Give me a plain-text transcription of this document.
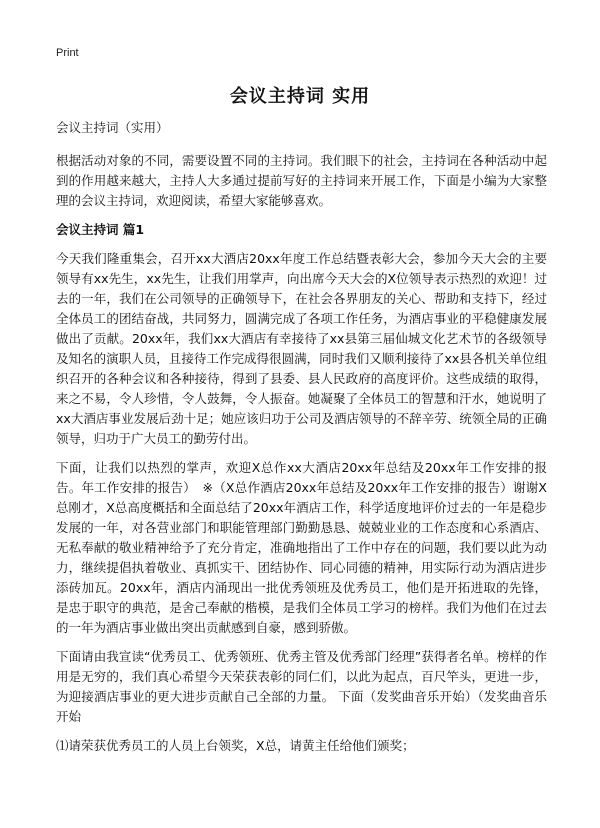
Print
会议主持词 实用
会议主持词（实用）

根据活动对象的不同，需要设置不同的主持词。我们眼下的社会，主持词在各种活动中起到的作用越来越大，主持人大多通过提前写好的主持词来开展工作，下面是小编为大家整理的会议主持词，欢迎阅读，希望大家能够喜欢。

会议主持词 篇1

今天我们隆重集会，召开xx大酒店20xx年度工作总结暨表彰大会，参加今天大会的主要领导有xx先生，xx先生，让我们用掌声，向出席今天大会的X位领导表示热烈的欢迎！过去的一年，我们在公司领导的正确领导下，在社会各界朋友的关心、帮助和支持下，经过全体员工的团结奋战，共同努力，圆满完成了各项工作任务，为酒店事业的平稳健康发展做出了贡献。20xx年，我们xx大酒店有幸接待了xx县第三届仙城文化艺术节的各级领导及知名的演职人员，且接待工作完成得很圆满，同时我们又顺利接待了xx县各机关单位组织召开的各种会议和各种接待，得到了县委、县人民政府的高度评价。这些成绩的取得，来之不易，令人珍惜，令人鼓舞，令人振奋。她凝聚了全体员工的智慧和汗水，她说明了xx大酒店事业发展后劲十足；她应该归功于公司及酒店领导的不辞辛劳、统领全局的正确领导，归功于广大员工的勤劳付出。

下面，让我们以热烈的掌声，欢迎X总作xx大酒店20xx年总结及20xx年工作安排的报告。年工作安排的报告）　※（X总作酒店20xx年总结及20xx年工作安排的报告）谢谢X总刚才，X总高度概括和全面总结了20xx年酒店工作，科学适度地评价过去的一年是稳步发展的一年，对各营业部门和职能管理部门勤勤恳恳、兢兢业业的工作态度和心系酒店、无私奉献的敬业精神给予了充分肯定，准确地指出了工作中存在的问题，我们要以此为动力，继续提倡执着敬业、真抓实干、团结协作、同心同德的精神，用实际行动为酒店进步添砖加瓦。20xx年，酒店内涌现出一批优秀领班及优秀员工，他们是开拓进取的先锋，是忠于职守的典范，是舍己奉献的楷模，是我们全体员工学习的榜样。我们为他们在过去的一年为酒店事业做出突出贡献感到自豪，感到骄傲。

下面请由我宣读“优秀员工、优秀领班、优秀主管及优秀部门经理”获得者名单。榜样的作用是无穷的，我们真心希望今天荣获表彰的同仁们，以此为起点，百尺竿头，更进一步，为迎接酒店事业的更大进步贡献自己全部的力量。 下面（发奖曲音乐开始）（发奖曲音乐开始

⑴请荣获优秀员工的人员上台领奖，X总，请黄主任给他们颁奖；
